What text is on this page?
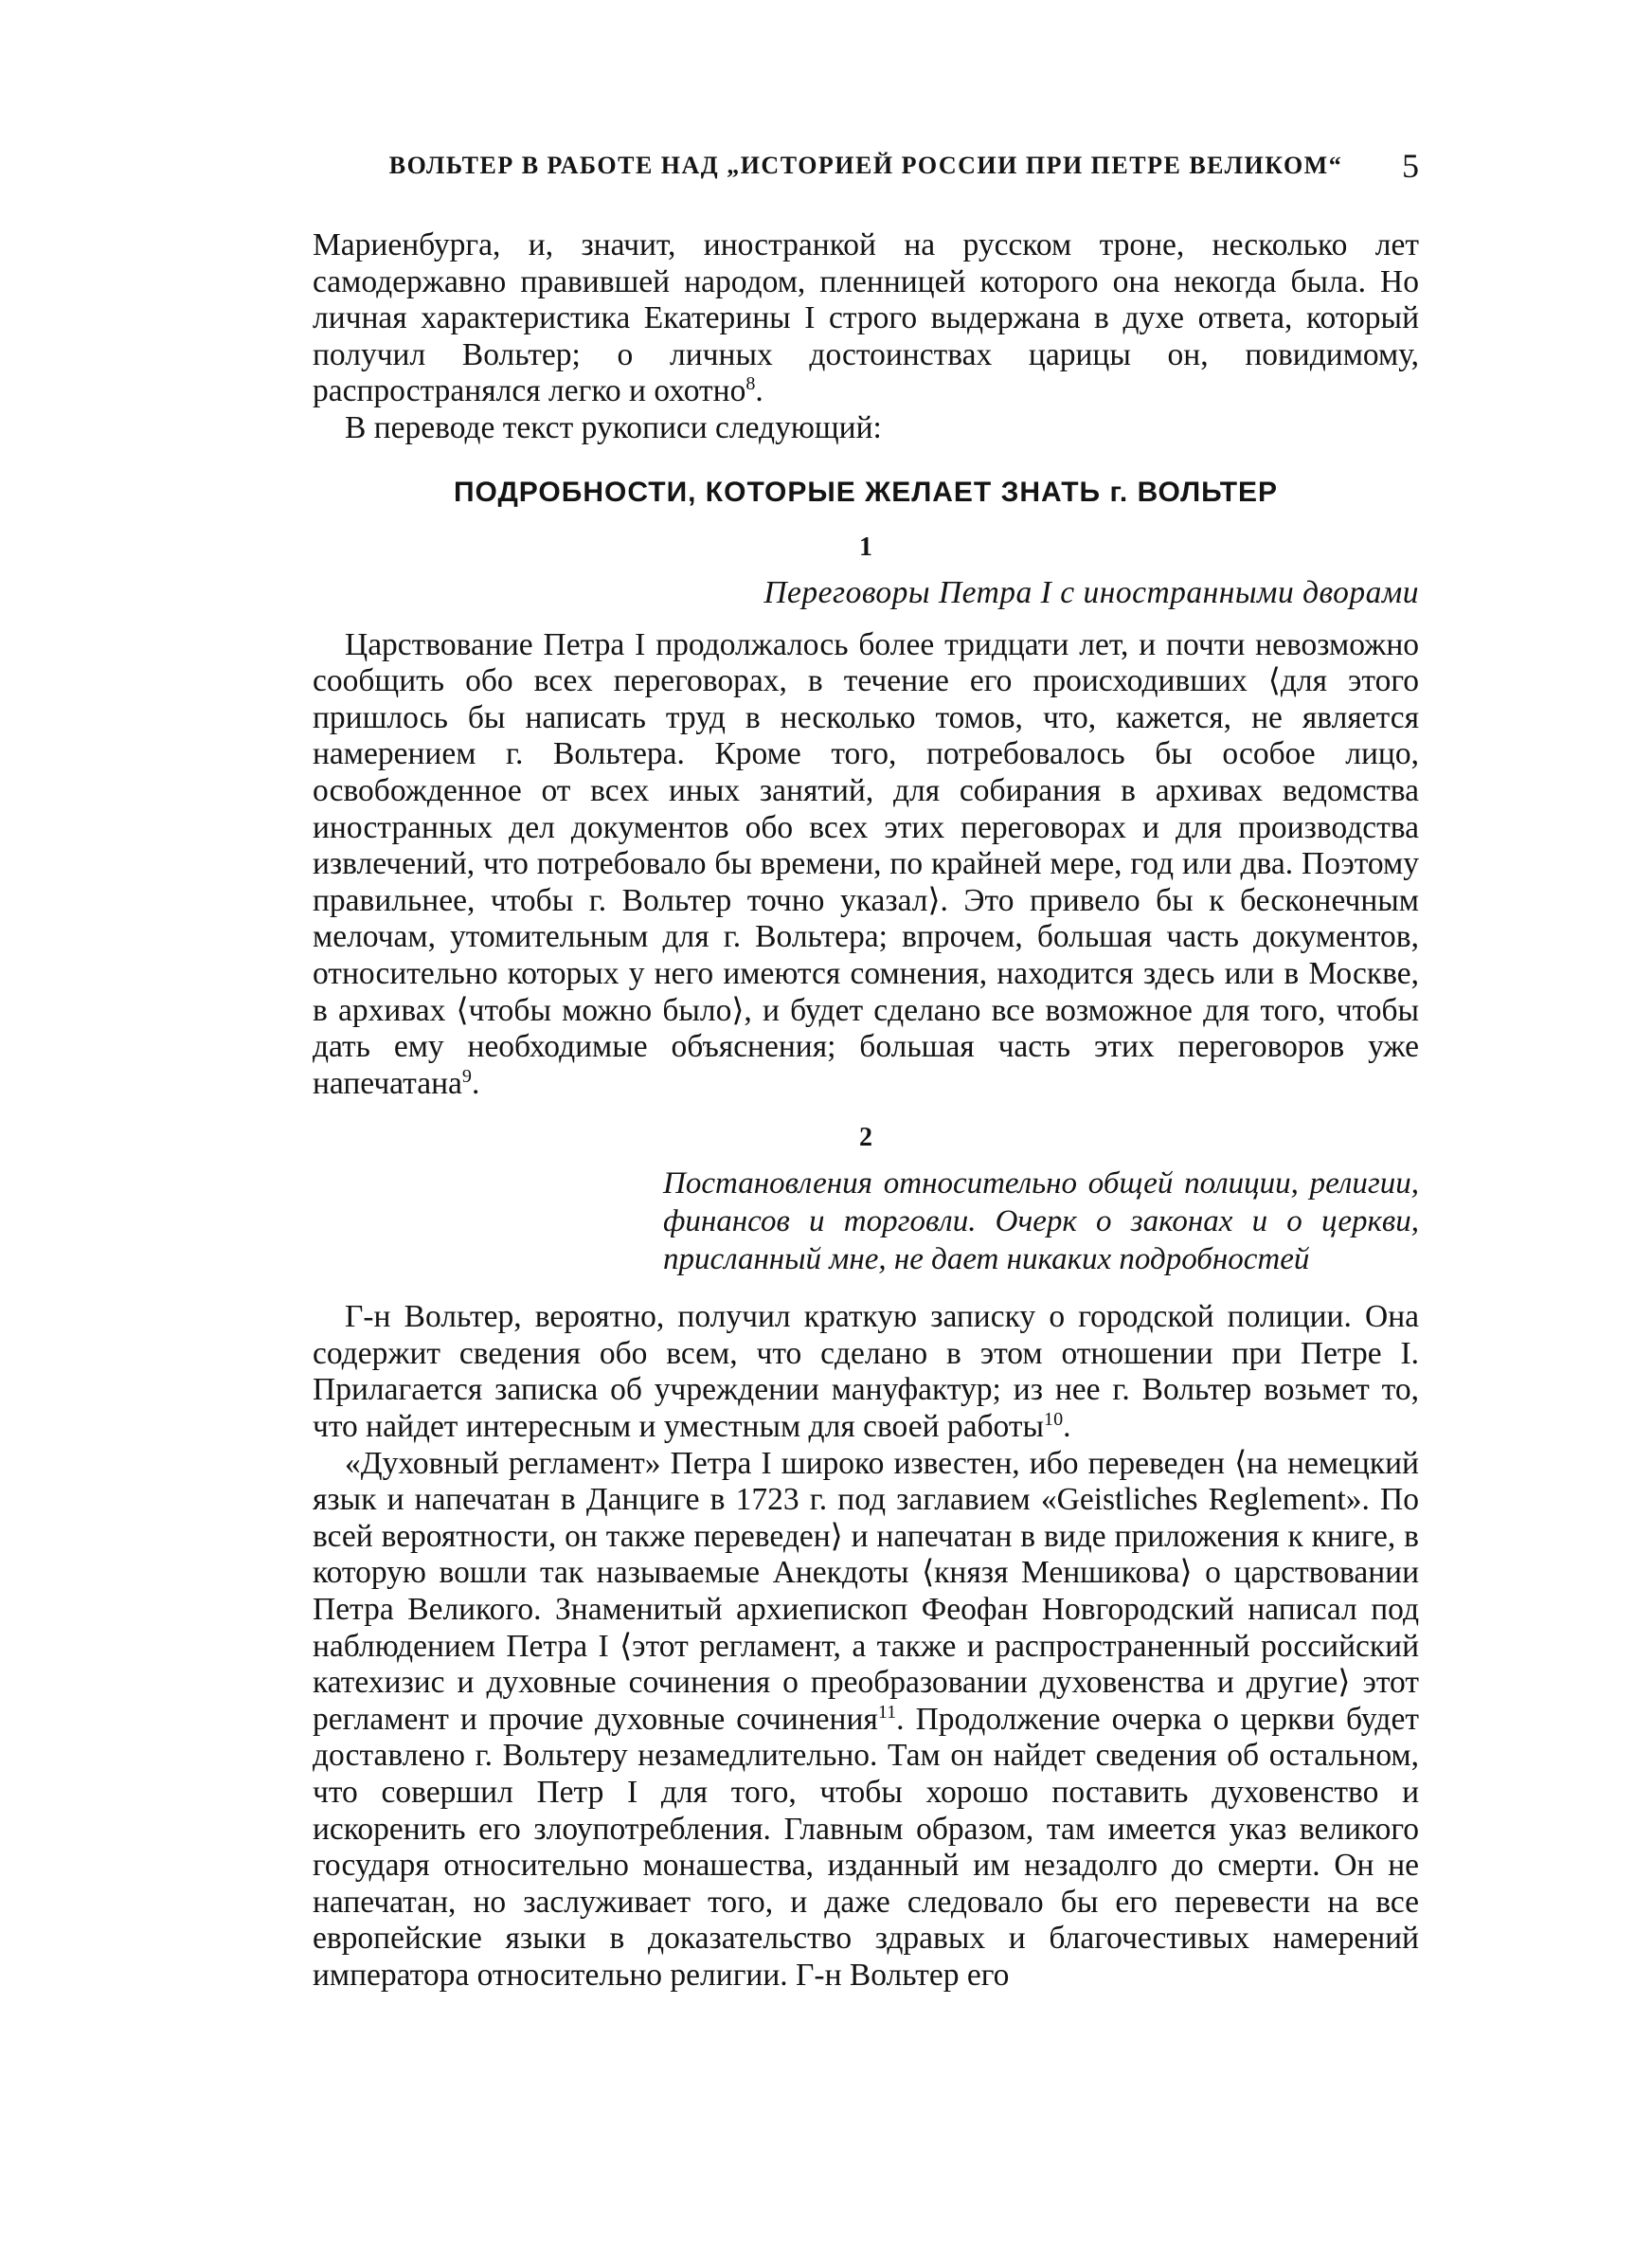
ВОЛЬТЕР В РАБОТЕ НАД „ИСТОРИЕЙ РОССИИ ПРИ ПЕТРЕ ВЕЛИКОМ“ 5

Мариенбурга, и, значит, иностранкой на русском троне, несколько лет самодержавно правившей народом, пленницей которого она некогда была. Но личная характеристика Екатерины I строго выдержана в духе ответа, который получил Вольтер; о личных достоинствах царицы он, повидимому, распространялся легко и охотно$^8$.

В переводе текст рукописи следующий:

ПОДРОБНОСТИ, КОТОРЫЕ ЖЕЛАЕТ ЗНАТЬ г. ВОЛЬТЕР
1
Переговоры Петра I с иностранными дворами

Царствование Петра I продолжалось более тридцати лет, и почти невозможно сообщить обо всех переговорах, в течение его происходивших ⟨для этого пришлось бы написать труд в несколько томов, что, кажется, не является намерением г. Вольтера. Кроме того, потребовалось бы особое лицо, освобожденное от всех иных занятий, для собирания в архивах ведомства иностранных дел документов обо всех этих переговорах и для производства извлечений, что потребовало бы времени, по крайней мере, год или два. Поэтому правильнее, чтобы г. Вольтер точно указал⟩. Это привело бы к бесконечным мелочам, утомительным для г. Вольтера; впрочем, большая часть документов, относительно которых у него имеются сомнения, находится здесь или в Москве, в архивах ⟨чтобы можно было⟩, и будет сделано все возможное для того, чтобы дать ему необходимые объяснения; большая часть этих переговоров уже напечатана$^9$.

2
Постановления относительно общей полиции, религии, финансов и торговли. Очерк о законах и о церкви, присланный мне, не дает никаких подробностей

Г-н Вольтер, вероятно, получил краткую записку о городской полиции. Она содержит сведения обо всем, что сделано в этом отношении при Петре I. Прилагается записка об учреждении мануфактур; из нее г. Вольтер возьмет то, что найдет интересным и уместным для своей работы$^{10}$.

«Духовный регламент» Петра I широко известен, ибо переведен ⟨на немецкий язык и напечатан в Данциге в 1723 г. под заглавием «Geistliches Reglement». По всей вероятности, он также переведен⟩ и напечатан в виде приложения к книге, в которую вошли так называемые Анекдоты ⟨князя Меншикова⟩ о царствовании Петра Великого. Знаменитый архиепископ Феофан Новгородский написал под наблюдением Петра I ⟨этот регламент, а также и распространенный российский катехизис и духовные сочинения о преобразовании духовенства и другие⟩ этот регламент и прочие духовные сочинения$^{11}$. Продолжение очерка о церкви будет доставлено г. Вольтеру незамедлительно. Там он найдет сведения об остальном, что совершил Петр I для того, чтобы хорошо поставить духовенство и искоренить его злоупотребления. Главным образом, там имеется указ великого государя относительно монашества, изданный им незадолго до смерти. Он не напечатан, но заслуживает того, и даже следовало бы его перевести на все европейские языки в доказательство здравых и благочестивых намерений императора относительно религии. Г-н Вольтер его
